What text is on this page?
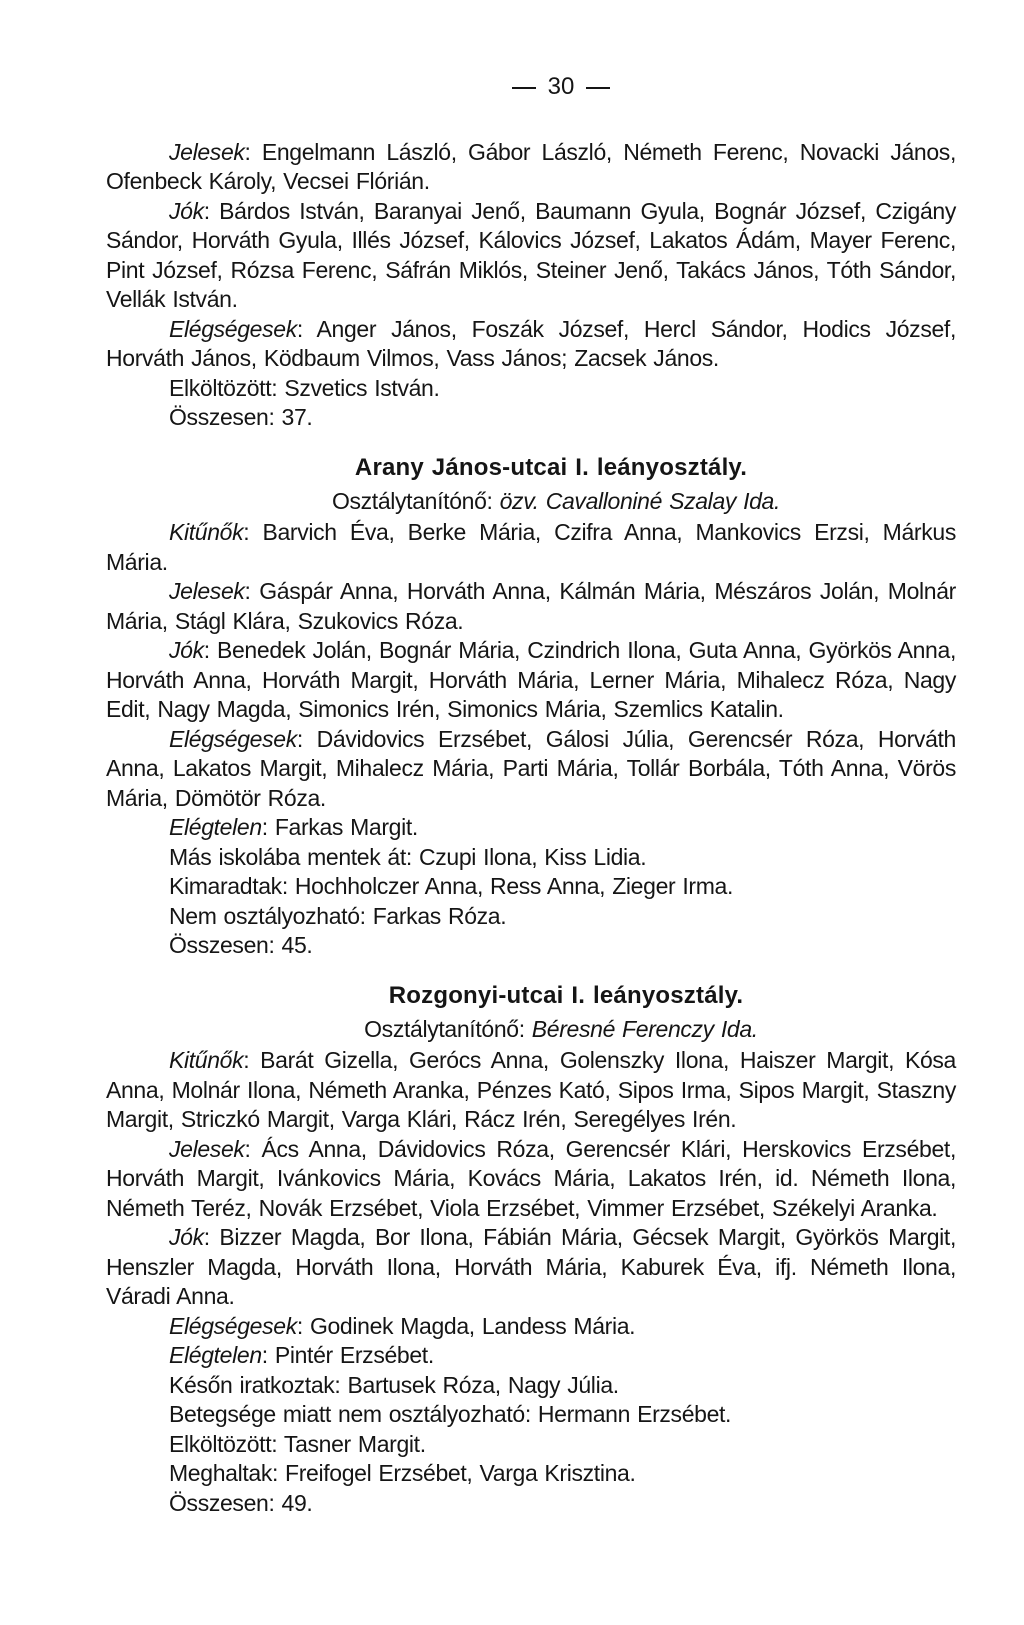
30

Jelesek: Engelmann László, Gábor László, Németh Ferenc, Novacki János, Ofenbeck Károly, Vecsei Flórián.

Jók: Bárdos István, Baranyai Jenő, Baumann Gyula, Bognár József, Czigány Sándor, Horváth Gyula, Illés József, Kálovics József, Lakatos Ádám, Mayer Ferenc, Pint József, Rózsa Ferenc, Sáfrán Miklós, Steiner Jenő, Takács János, Tóth Sándor, Vellák István.

Elégségesek: Anger János, Foszák József, Hercl Sándor, Hodics József, Horváth János, Ködbaum Vilmos, Vass János; Zacsek János.

Elköltözött: Szvetics István.

Összesen: 37.

Arany János-utcai I. leányosztály.

Osztálytanítónő: özv. Cavalloniné Szalay Ida.

Kitűnők: Barvich Éva, Berke Mária, Czifra Anna, Mankovics Erzsi, Márkus Mária.

Jelesek: Gáspár Anna, Horváth Anna, Kálmán Mária, Mészáros Jolán, Molnár Mária, Stágl Klára, Szukovics Róza.

Jók: Benedek Jolán, Bognár Mária, Czindrich Ilona, Guta Anna, Györkös Anna, Horváth Anna, Horváth Margit, Horváth Mária, Lerner Mária, Mihalecz Róza, Nagy Edit, Nagy Magda, Simonics Irén, Simonics Mária, Szemlics Katalin.

Elégségesek: Dávidovics Erzsébet, Gálosi Júlia, Gerencsér Róza, Horváth Anna, Lakatos Margit, Mihalecz Mária, Parti Mária, Tollár Borbála, Tóth Anna, Vörös Mária, Dömötör Róza.

Elégtelen: Farkas Margit.

Más iskolába mentek át: Czupi Ilona, Kiss Lidia.

Kimaradtak: Hochholczer Anna, Ress Anna, Zieger Irma.

Nem osztályozható: Farkas Róza.

Összesen: 45.

Rozgonyi-utcai I. leányosztály.

Osztálytanítónő: Béresné Ferenczy Ida.

Kitűnők: Barát Gizella, Gerócs Anna, Golenszky Ilona, Haiszer Margit, Kósa Anna, Molnár Ilona, Németh Aranka, Pénzes Kató, Sipos Irma, Sipos Margit, Staszny Margit, Striczkó Margit, Varga Klári, Rácz Irén, Seregélyes Irén.

Jelesek: Ács Anna, Dávidovics Róza, Gerencsér Klári, Herskovics Erzsébet, Horváth Margit, Ivánkovics Mária, Kovács Mária, Lakatos Irén, id. Németh Ilona, Németh Teréz, Novák Erzsébet, Viola Erzsébet, Vimmer Erzsébet, Székelyi Aranka.

Jók: Bizzer Magda, Bor Ilona, Fábián Mária, Gécsek Margit, Györkös Margit, Henszler Magda, Horváth Ilona, Horváth Mária, Kaburek Éva, ifj. Németh Ilona, Váradi Anna.

Elégségesek: Godinek Magda, Landess Mária.

Elégtelen: Pintér Erzsébet.

Későn iratkoztak: Bartusek Róza, Nagy Júlia.

Betegsége miatt nem osztályozható: Hermann Erzsébet.

Elköltözött: Tasner Margit.

Meghaltak: Freifogel Erzsébet, Varga Krisztina.

Összesen: 49.
